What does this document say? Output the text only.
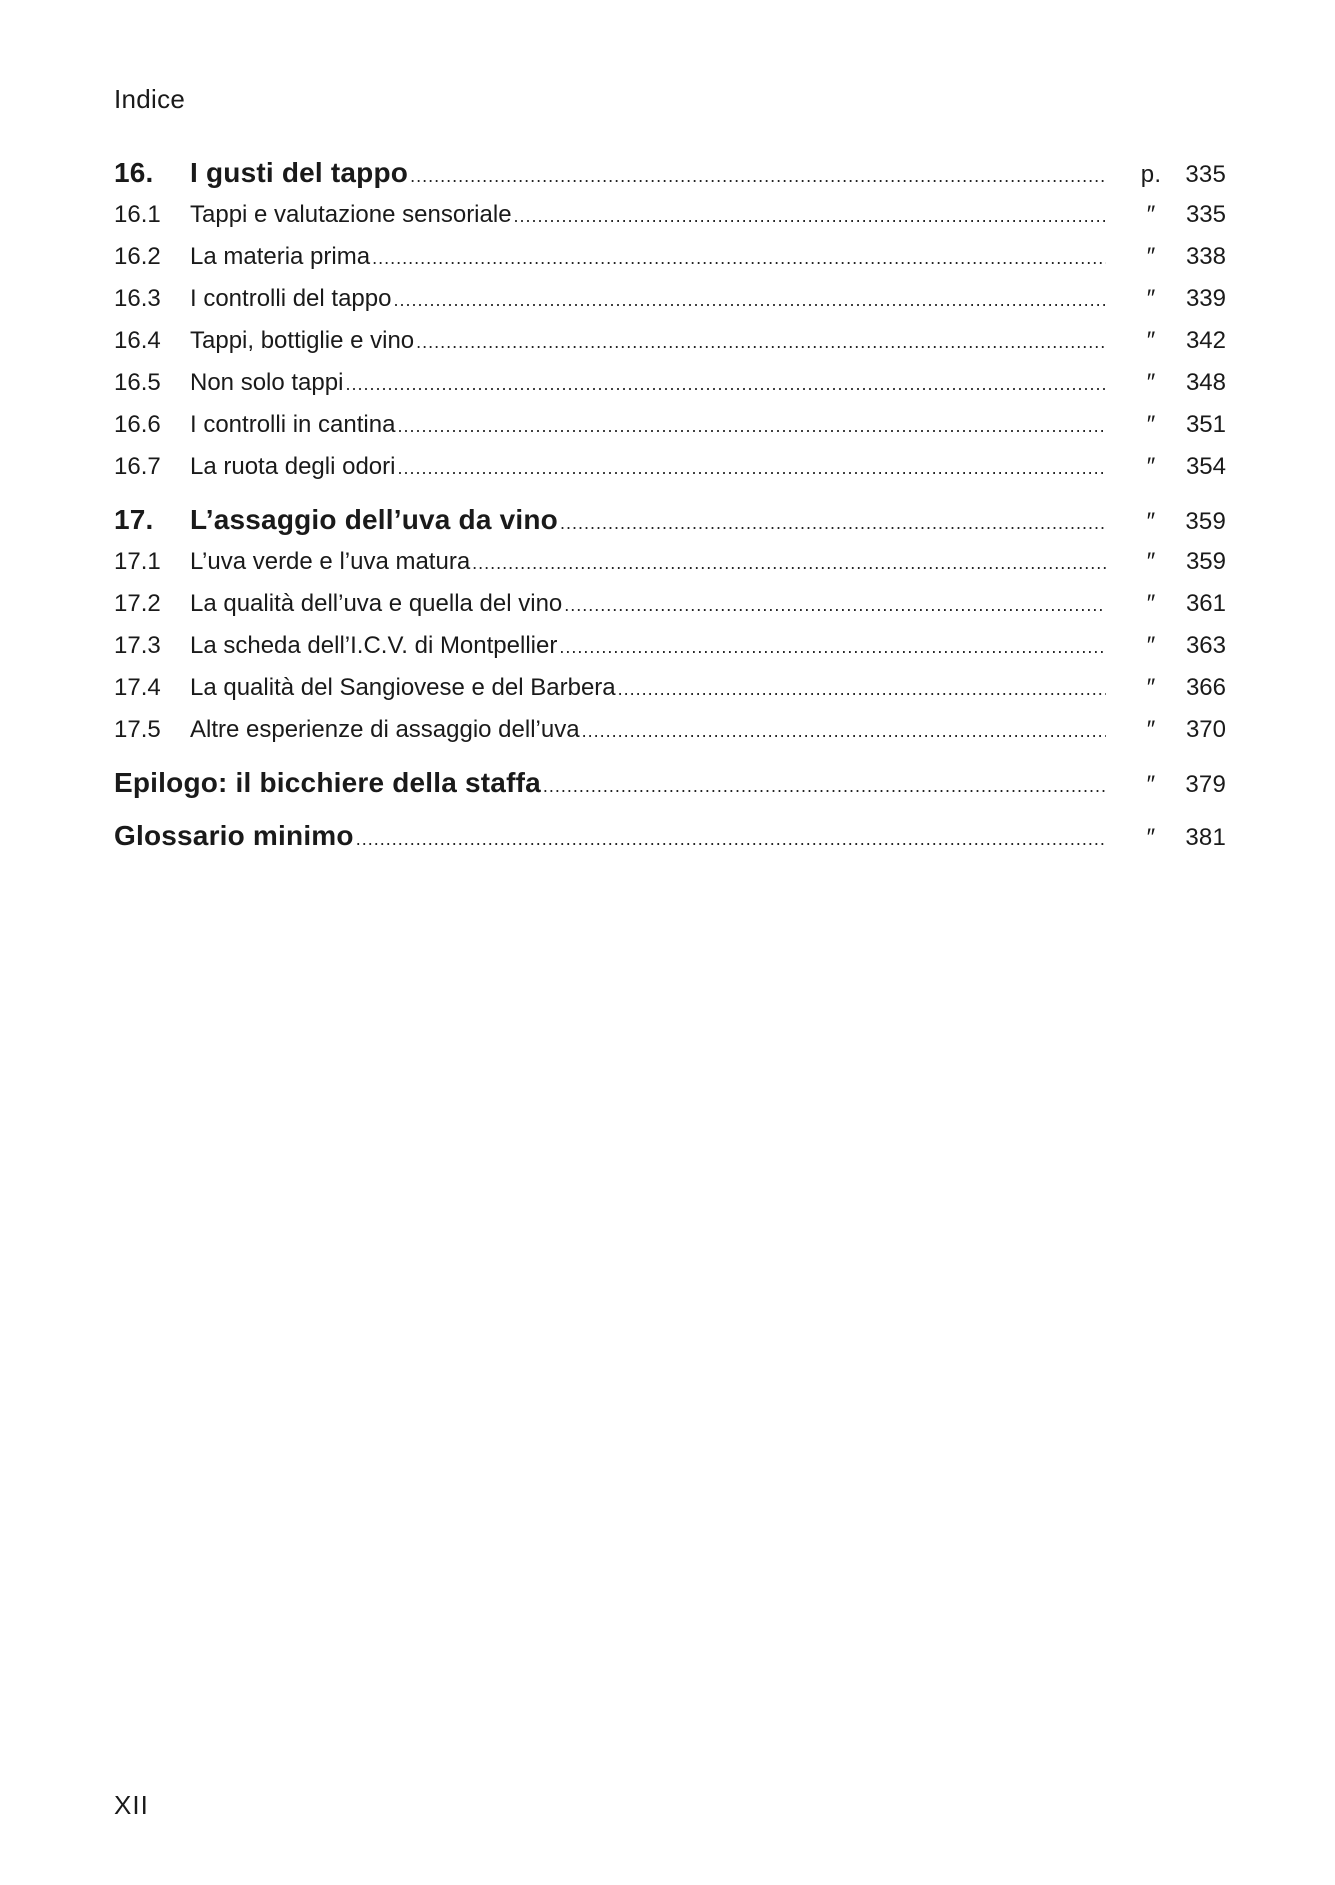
Indice
16.	I gusti del tappo .....	p.	335
16.1	Tappi e valutazione sensoriale .....	″	335
16.2	La materia prima .....	″	338
16.3	I controlli del tappo .....	″	339
16.4	Tappi, bottiglie e vino .....	″	342
16.5	Non solo tappi .....	″	348
16.6	I controlli in cantina .....	″	351
16.7	La ruota degli odori .....	″	354
17.	L’assaggio dell’uva da vino .....	″	359
17.1	L’uva verde e l’uva matura .....	″	359
17.2	La qualità dell’uva e quella del vino .....	″	361
17.3	La scheda dell’I.C.V. di Montpellier .....	″	363
17.4	La qualità del Sangiovese e del Barbera .....	″	366
17.5	Altre esperienze di assaggio dell’uva .....	″	370
Epilogo: il bicchiere della staffa .....	″	379
Glossario minimo .....	″	381
XII
